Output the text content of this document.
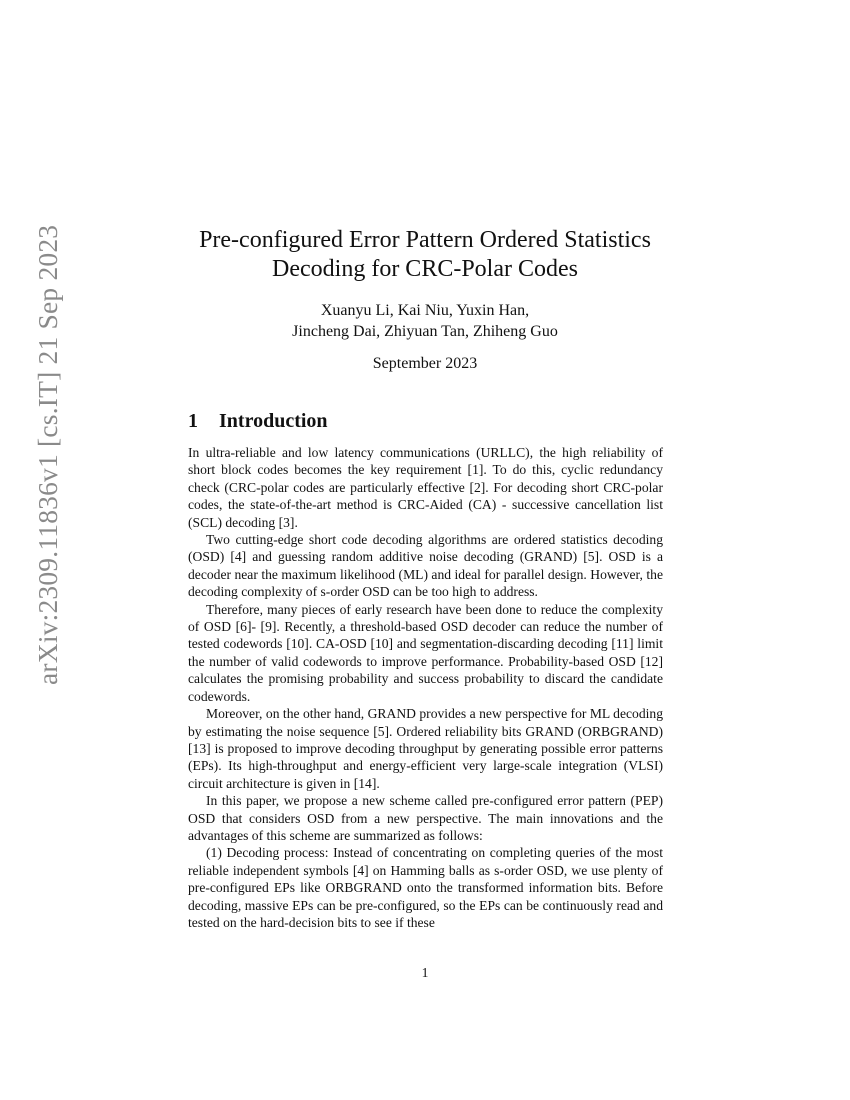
arXiv:2309.11836v1 [cs.IT] 21 Sep 2023	Pre-configured Error Pattern Ordered Statistics
Decoding for CRC-Polar Codes
Xuanyu Li, Kai Niu, Yuxin Han,
Jincheng Dai, Zhiyuan Tan, Zhiheng Guo
September 2023
1 Introduction

In ultra-reliable and low latency communications (URLLC), the high reliability of short block codes becomes the key requirement [1]. To do this, cyclic redundancy check (CRC-polar codes are particularly effective [2]. For decoding short CRC-polar codes, the state-of-the-art method is CRC-Aided (CA) - successive cancellation list (SCL) decoding [3].

Two cutting-edge short code decoding algorithms are ordered statistics decoding (OSD) [4] and guessing random additive noise decoding (GRAND) [5]. OSD is a decoder near the maximum likelihood (ML) and ideal for parallel design. However, the decoding complexity of s-order OSD can be too high to address.

Therefore, many pieces of early research have been done to reduce the complexity of OSD [6]- [9]. Recently, a threshold-based OSD decoder can reduce the number of tested codewords [10]. CA-OSD [10] and segmentation-discarding decoding [11] limit the number of valid codewords to improve performance. Probability-based OSD [12] calculates the promising probability and success probability to discard the candidate codewords.

Moreover, on the other hand, GRAND provides a new perspective for ML decoding by estimating the noise sequence [5]. Ordered reliability bits GRAND (ORBGRAND) [13] is proposed to improve decoding throughput by generating possible error patterns (EPs). Its high-throughput and energy-efficient very large-scale integration (VLSI) circuit architecture is given in [14].

In this paper, we propose a new scheme called pre-configured error pattern (PEP) OSD that considers OSD from a new perspective. The main innovations and the advantages of this scheme are summarized as follows:

(1) Decoding process: Instead of concentrating on completing queries of the most reliable independent symbols [4] on Hamming balls as s-order OSD, we use plenty of pre-configured EPs like ORBGRAND onto the transformed information bits. Before decoding, massive EPs can be pre-configured, so the EPs can be continuously read and tested on the hard-decision bits to see if these

1
